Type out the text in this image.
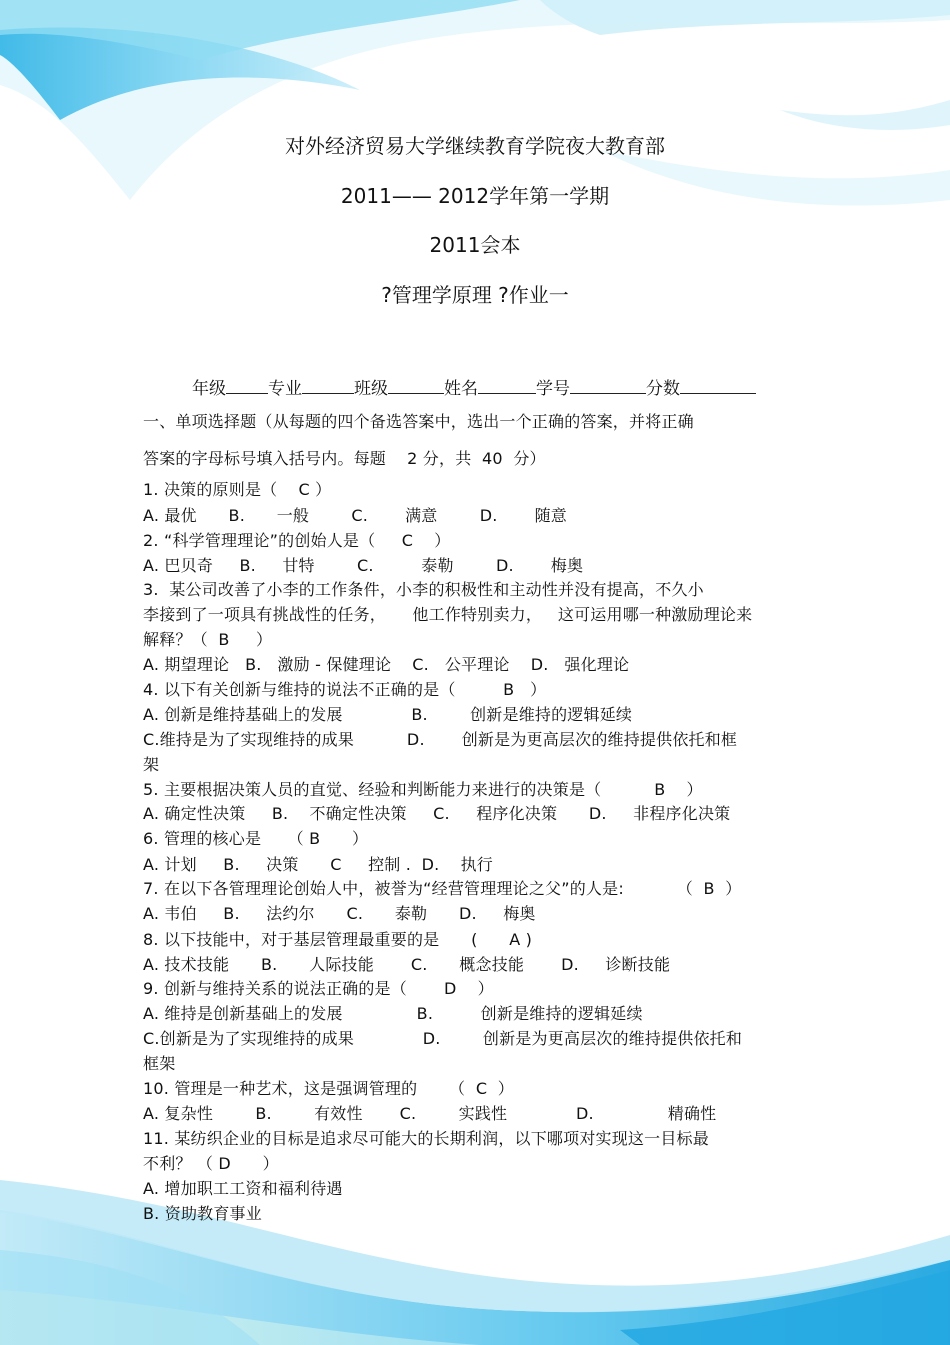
对外经济贸易大学继续教育学院夜大教育部
2011—— 2012学年第一学期
2011会本
?管理学原理 ?作业一
年级 专业	班级	姓名	学号	分数
一、单项选择题（从每题的四个备选答案中，选出一个正确的答案，并将正确
答案的字母标号填入括号内。每题    2 分，共  40  分）
1. 决策的原则是（    C ）
A. 最优      B.      一般        C.       满意        D.       随意
2. “科学管理理论”的创始人是（     C    ）
A. 巴贝奇     B.     甘特        C.         泰勒        D.       梅奥
3.  某公司改善了小李的工作条件，小李的积极性和主动性并没有提高，不久小
李接到了一项具有挑战性的任务，     他工作特别卖力，   这可运用哪一种激励理论来
解释？（  B     ）
A. 期望理论   B.   激励 - 保健理论    C.   公平理论    D.   强化理论
4. 以下有关创新与维持的说法不正确的是（         B   ）
A. 创新是维持基础上的发展             B.        创新是维持的逻辑延续
C.维持是为了实现维持的成果          D.       创新是为更高层次的维持提供依托和框
架
5. 主要根据决策人员的直觉、经验和判断能力来进行的决策是（          B    ）
A. 确定性决策     B.    不确定性决策     C.     程序化决策      D.     非程序化决策
6. 管理的核心是     （ B      ）
A. 计划     B.     决策      C     控制 .  D.    执行
7. 在以下各管理理论创始人中，被誉为“经营管理理论之父”的人是:          （  B  ）
A. 韦伯     B.     法约尔      C.      泰勒      D.     梅奥
8. 以下技能中，对于基层管理最重要的是      (      A )
A. 技术技能      B.      人际技能       C.      概念技能       D.     诊断技能
9. 创新与维持关系的说法正确的是（       D    ）
A. 维持是创新基础上的发展              B.         创新是维持的逻辑延续
C.创新是为了实现维持的成果             D.        创新是为更高层次的维持提供依托和
框架
10. 管理是一种艺术，这是强调管理的      （  C  ）
A. 复杂性        B.        有效性       C.        实践性             D.              精确性
11. 某纺织企业的目标是追求尽可能大的长期利润，以下哪项对实现这一目标最
不利？ （ D      ）
A. 增加职工工资和福利待遇
B. 资助教育事业
